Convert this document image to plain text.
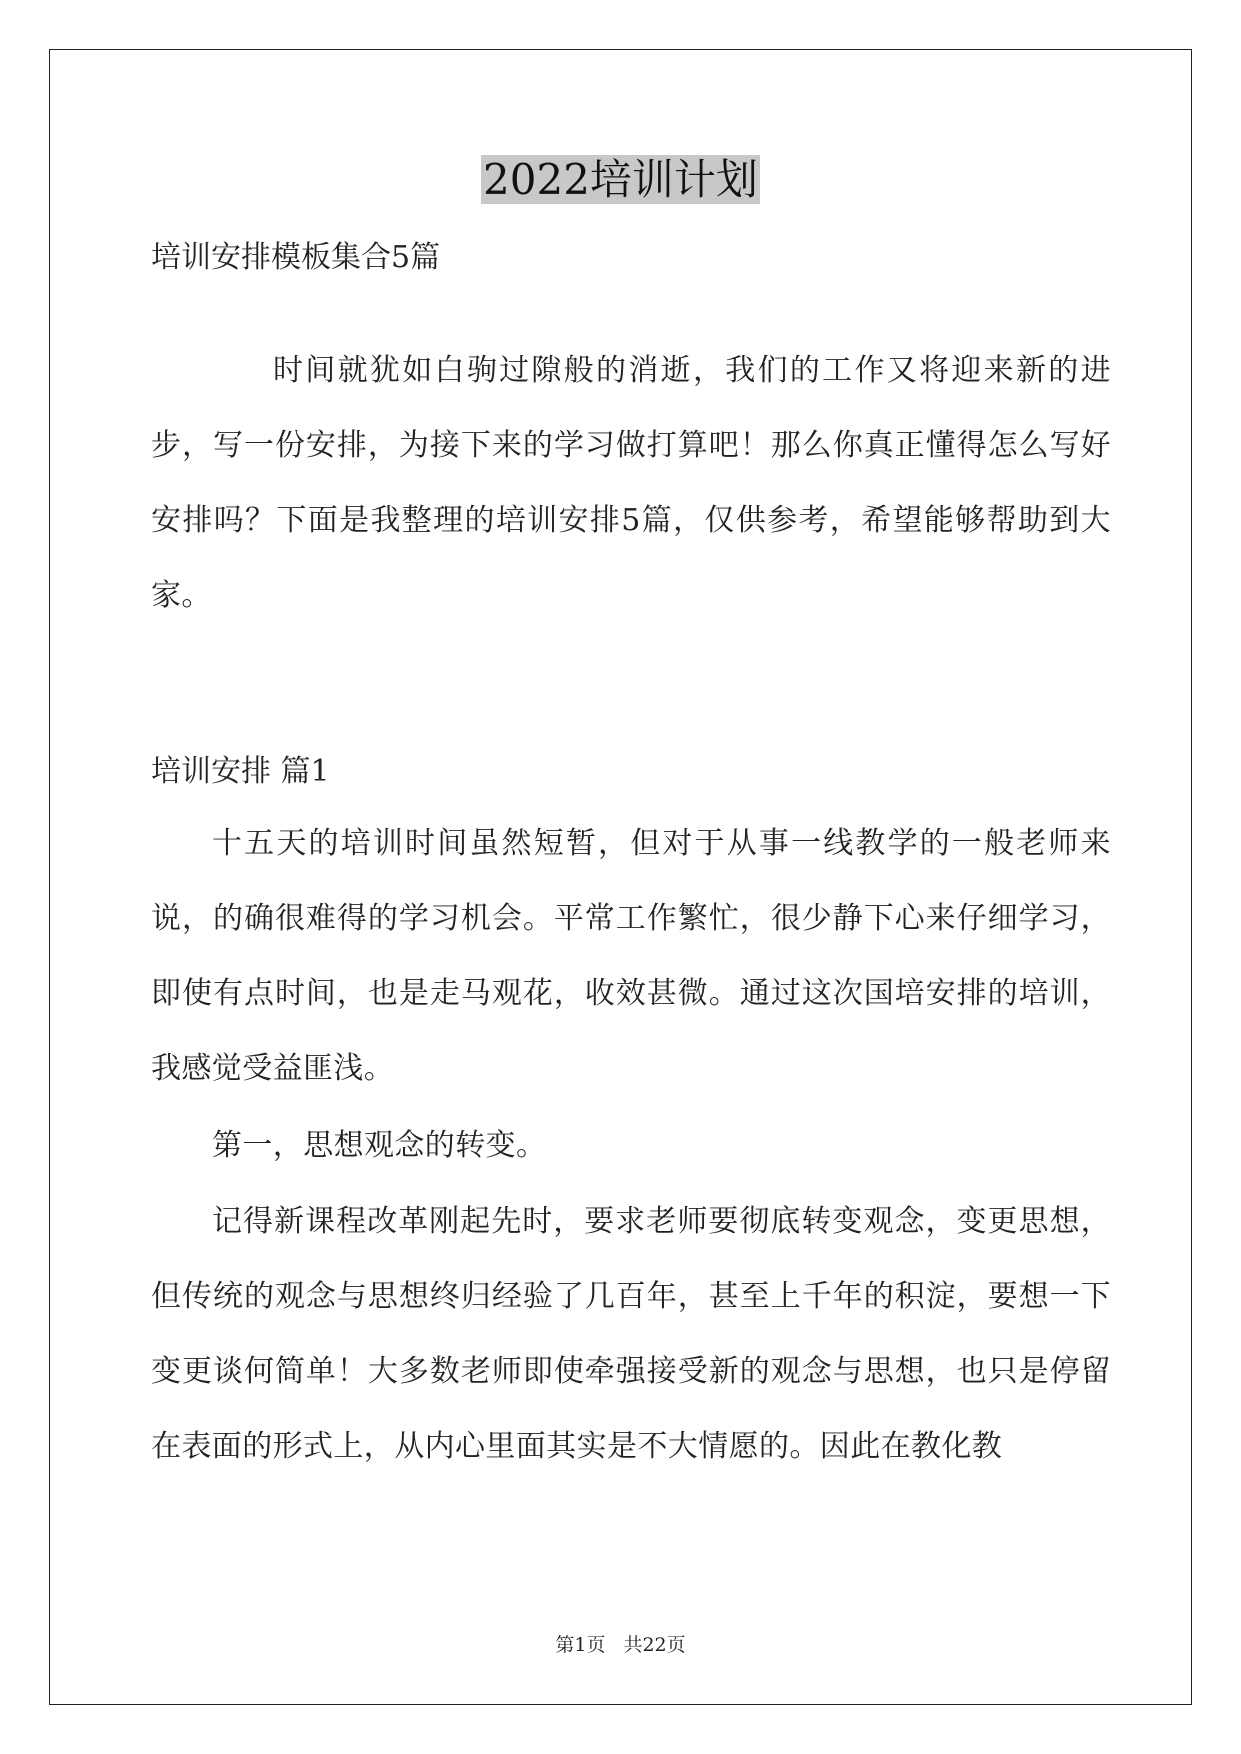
2022培训计划
培训安排模板集合5篇

时间就犹如白驹过隙般的消逝，我们的工作又将迎来新的进步，写一份安排，为接下来的学习做打算吧！那么你真正懂得怎么写好安排吗？下面是我整理的培训安排5篇，仅供参考，希望能够帮助到大家。

培训安排 篇1

十五天的培训时间虽然短暂，但对于从事一线教学的一般老师来说，的确很难得的学习机会。平常工作繁忙，很少静下心来仔细学习，即使有点时间，也是走马观花，收效甚微。通过这次国培安排的培训，我感觉受益匪浅。

第一，思想观念的转变。

记得新课程改革刚起先时，要求老师要彻底转变观念，变更思想，但传统的观念与思想终归经验了几百年，甚至上千年的积淀，要想一下变更谈何简单！大多数老师即使牵强接受新的观念与思想，也只是停留在表面的形式上，从内心里面其实是不大情愿的。因此在教化教

第1页 共22页
